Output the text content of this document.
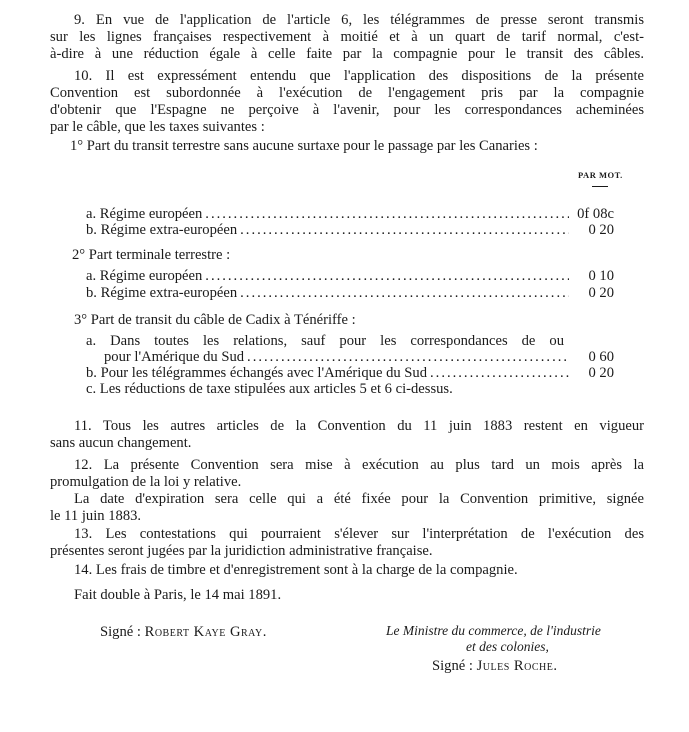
9. En vue de l'application de l'article 6, les télégrammes de presse seront transmis
sur les lignes françaises respectivement à moitié et à un quart de tarif normal, c'est-
à-dire à une réduction égale à celle faite par la compagnie pour le transit des câbles.
10. Il est expressément entendu que l'application des dispositions de la présente
Convention est subordonnée à l'exécution de l'engagement pris par la compagnie
d'obtenir que l'Espagne ne perçoive à l'avenir, pour les correspondances acheminées
par le câble, que les taxes suivantes :
1° Part du transit terrestre sans aucune surtaxe pour le passage par les Canaries :
PAR MOT.
a. Régime européen .....	0f 08c
b. Régime extra-européen .....	0 20
2° Part terminale terrestre :
a. Régime européen .....	0 10
b. Régime extra-européen .....	0 20
3° Part de transit du câble de Cadix à Ténériffe :
a. Dans toutes les relations, sauf pour les correspondances de ou
pour l'Amérique du Sud .....	0 60
b. Pour les télégrammes échangés avec l'Amérique du Sud .....	0 20
c. Les réductions de taxe stipulées aux articles 5 et 6 ci-dessus.
11. Tous les autres articles de la Convention du 11 juin 1883 restent en vigueur
sans aucun changement.
12. La présente Convention sera mise à exécution au plus tard un mois après la
promulgation de la loi y relative.
La date d'expiration sera celle qui a été fixée pour la Convention primitive, signée
le 11 juin 1883.
13. Les contestations qui pourraient s'élever sur l'interprétation de l'exécution des
présentes seront jugées par la juridiction administrative française.
14. Les frais de timbre et d'enregistrement sont à la charge de la compagnie.
Fait double à Paris, le 14 mai 1891.
Signé : Robert Kaye Gray.	Le Ministre du commerce, de l'industrie
et des colonies,
Signé : Jules Roche.
